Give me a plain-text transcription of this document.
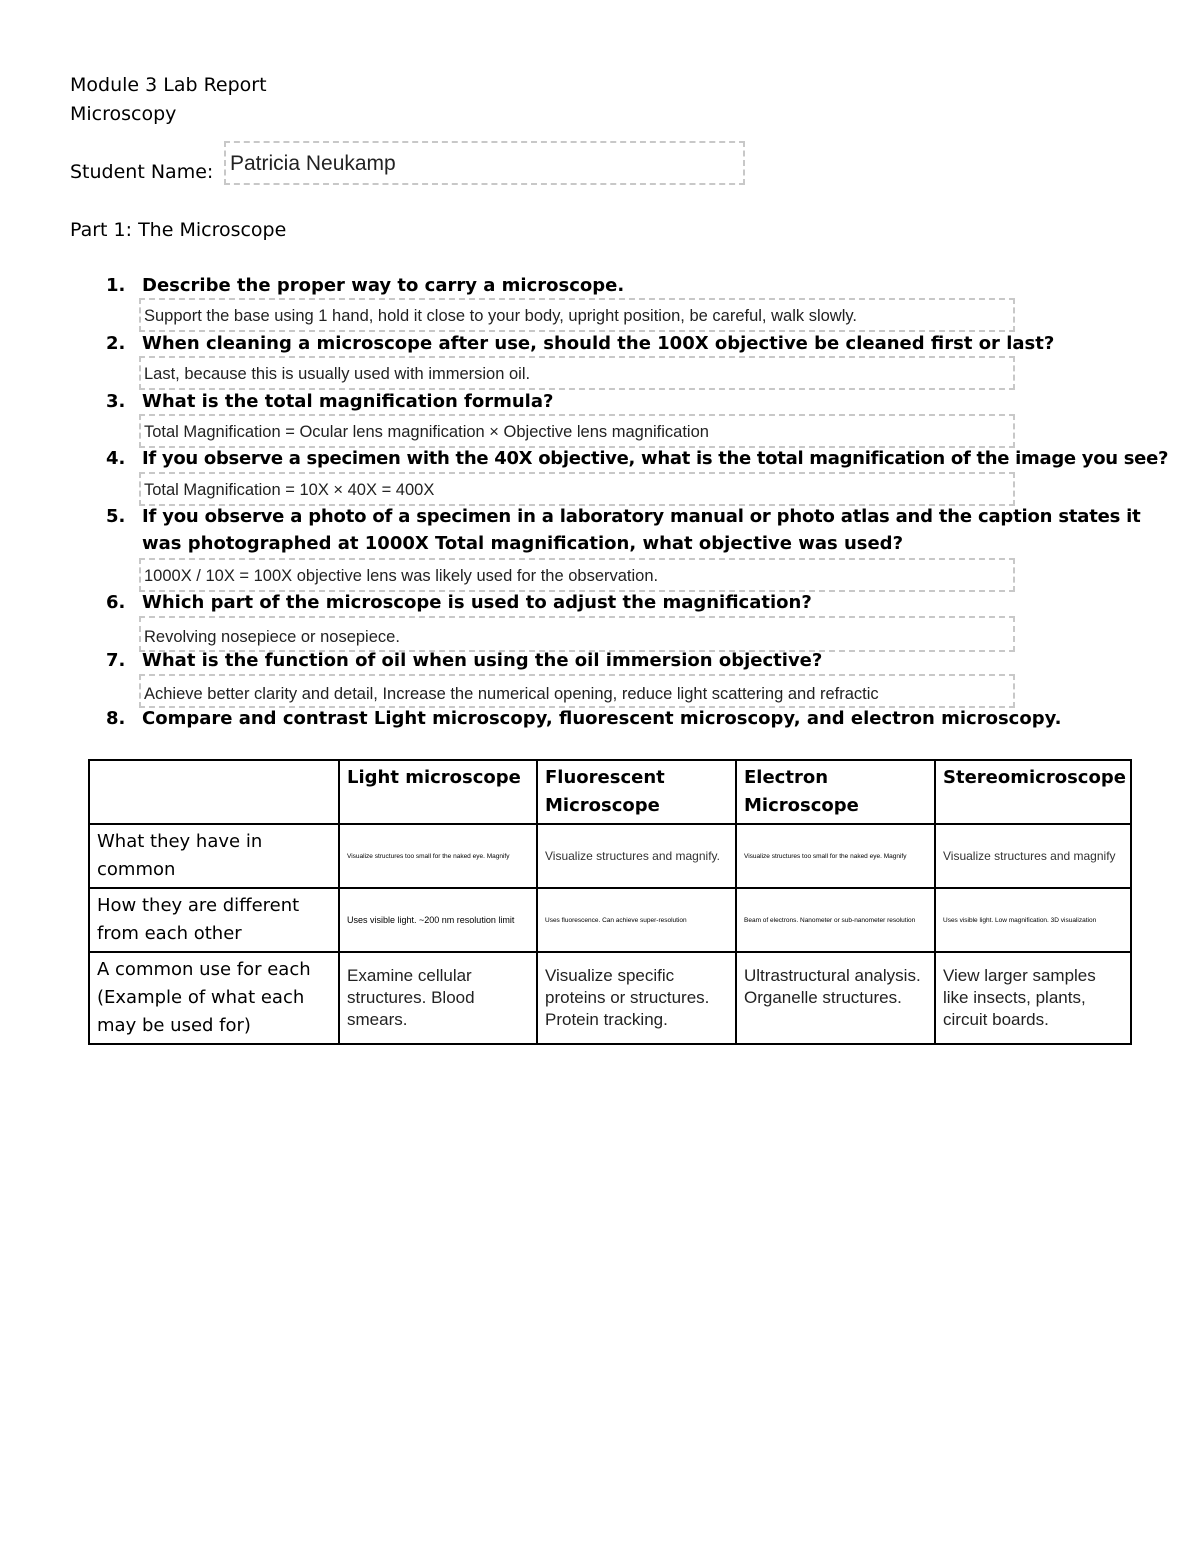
Module 3 Lab Report
Microscopy
Student Name: Patricia Neukamp
Part 1: The Microscope
1. Describe the proper way to carry a microscope.
Support the base using 1 hand, hold it close to your body, upright position, be careful, walk slowly.
2. When cleaning a microscope after use, should the 100X objective be cleaned first or last?
Last, because this is usually used with immersion oil.
3. What is the total magnification formula?
Total Magnification = Ocular lens magnification × Objective lens magnification
4. If you observe a specimen with the 40X objective, what is the total magnification of the image you see?
Total Magnification = 10X × 40X = 400X
5. If you observe a photo of a specimen in a laboratory manual or photo atlas and the caption states it
was photographed at 1000X Total magnification, what objective was used?
1000X / 10X = 100X objective lens was likely used for the observation.
6. Which part of the microscope is used to adjust the magnification?
Revolving nosepiece or nosepiece.
7. What is the function of oil when using the oil immersion objective?
Achieve better clarity and detail, Increase the numerical opening, reduce light scattering and refractic
8. Compare and contrast Light microscopy, fluorescent microscopy, and electron microscopy.
	Light microscope	Fluorescent Microscope	Electron Microscope	Stereomicroscope
What they have in common	Visualize structures too small for the naked eye. Magnify	Visualize structures and magnify.	Visualize structures too small for the naked eye. Magnify	Visualize structures and magnify
How they are different from each other	Uses visible light. ~200 nm resolution limit	Uses fluorescence. Can achieve super-resolution	Beam of electrons. Nanometer or sub-nanometer resolution	Uses visible light. Low magnification. 3D visualization
A common use for each (Example of what each may be used for)	Examine cellular structures. Blood smears.	Visualize specific proteins or structures. Protein tracking.	Ultrastructural analysis. Organelle structures.	View larger samples like insects, plants, circuit boards.
